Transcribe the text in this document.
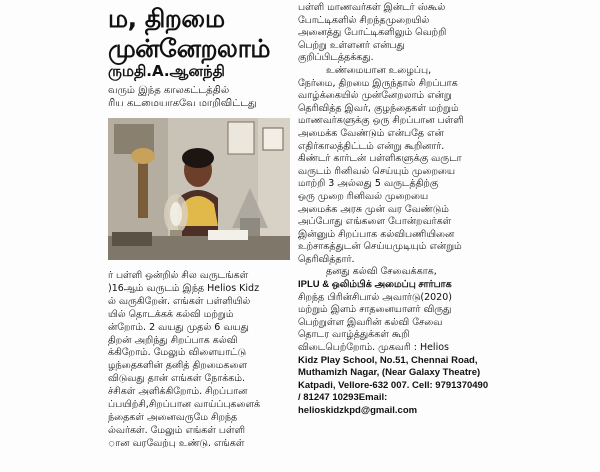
ம, திறமை
முன்னேறலாம்
ருமதி.A.ஆனந்தி
வரும் இந்த காலகட்டத்தில்
ரிய கடமையாகவே மாறிவிட்டது
ர் பள்ளி ஒன்றில் சில வருடங்கள்
)16ஆம் வருடம் இந்த Helios Kidz
ல் வருகிறேன். எங்கள் பள்ளியில்
யில் தொடக்கக் கல்வி மற்றும்
ன்றோம். 2 வயது முதல் 6 வயது
திறன் அறிந்து சிறப்பாக கல்வி
க்கிறோம். மேலும் விளையாட்டு
ழந்தைகளின் தனித் திறமைகளை
விடுவது தான் எங்கள் நோக்கம்.
ச்சிகள் அளிக்கிறோம். சிறப்பான
ப்பயிற்சி,சிறப்பான வாய்ப்புகளைக்
ந்தைகள் அனைவருமே சிறந்த
ல்வர்கள். மேலும் எங்கள் பள்ளி
ான வரவேற்பு உண்டு. எங்கள்
பள்ளி மாணவர்கள் இன்டர் ஸ்கூல்
போட்டிகளில் சிறந்தமுறையில்
அனைத்து போட்டிகளிலும் வெற்றி
பெற்று உள்ளனர் என்பது
குறிப்பிடத்தக்கது.
உண்மையான உழைப்பு,
நேர்மை, திறமை இருந்தால் சிறப்பாக
வாழ்க்கையில் முன்னேறலாம் என்று
தெரிவித்த இவர், குழந்தைகள் மற்றும்
மாணவர்களுக்கு ஒரு சிறப்பான பள்ளி
அமைக்க வேண்டும் என்பதே என்
எதிர்காலத்திட்டம் என்று கூறினார்.
கிண்டர் கார்டன் பள்ளிகளுக்கு வருடா
வருடம் ரினிவல் செய்யும் முறையை
மாற்றி 3 அல்லது 5 வருடத்திற்கு
ஒரு முறை ரினிவல் முறையை
அமைக்க அரசு முன் வர வேண்டும்
அப்போது எங்களை போன்றவர்கள்
இன்னும் சிறப்பாக கல்விபணியினை
உற்சாகத்துடன் செய்யமுடியும் என்றும்
தெரிவித்தார்.
தனது கல்வி சேவைக்காக,
IPLU & ஒலிம்பிக் அமைப்பு சார்பாக
சிறந்த பிரின்சிபால் அவார்டு(2020)
மற்றும் இளம் சாதனையாளர் விருது
பெற்றுள்ள இவரின் கல்வி சேவை
தொடர வாழ்த்துக்கள் கூறி
விடைபெற்றோம். முகவரி : Helios
Kidz Play School, No.51, Chennai Road,
Muthamizh Nagar, (Near Galaxy Theatre)
Katpadi, Vellore-632 007. Cell: 9791370490
/ 81247 10293Email:
helioskidzkpd@gmail.com
